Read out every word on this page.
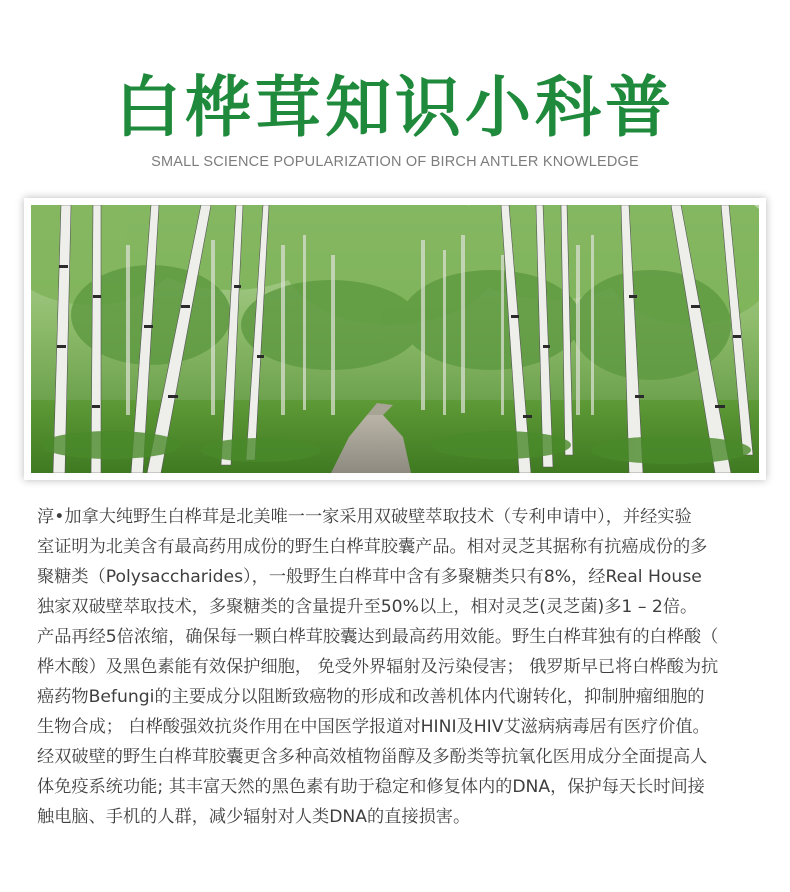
白桦茸知识小科普
SMALL SCIENCE POPULARIZATION OF BIRCH ANTLER KNOWLEDGE
淳•加拿大纯野生白桦茸是北美唯一一家采用双破壁萃取技术（专利申请中），并经实验
室证明为北美含有最高药用成份的野生白桦茸胶囊产品。相对灵芝其据称有抗癌成份的多
聚糖类（Polysaccharides），一般野生白桦茸中含有多聚糖类只有8%，经Real House
独家双破壁萃取技术，多聚糖类的含量提升至50%以上，相对灵芝(灵芝菌)多1 – 2倍。
产品再经5倍浓缩，确保每一颗白桦茸胶囊达到最高药用效能。野生白桦茸独有的白桦酸（
桦木酸）及黑色素能有效保护细胞， 免受外界辐射及污染侵害； 俄罗斯早已将白桦酸为抗
癌药物Befungi的主要成分以阻断致癌物的形成和改善机体内代谢转化，抑制肿瘤细胞的
生物合成； 白桦酸强效抗炎作用在中国医学报道对HINI及HIV艾滋病病毒居有医疗价值。
经双破壁的野生白桦茸胶囊更含多种高效植物甾醇及多酚类等抗氧化医用成分全面提高人
体免疫系统功能; 其丰富天然的黑色素有助于稳定和修复体内的DNA，保护每天长时间接
触电脑、手机的人群，减少辐射对人类DNA的直接损害。
